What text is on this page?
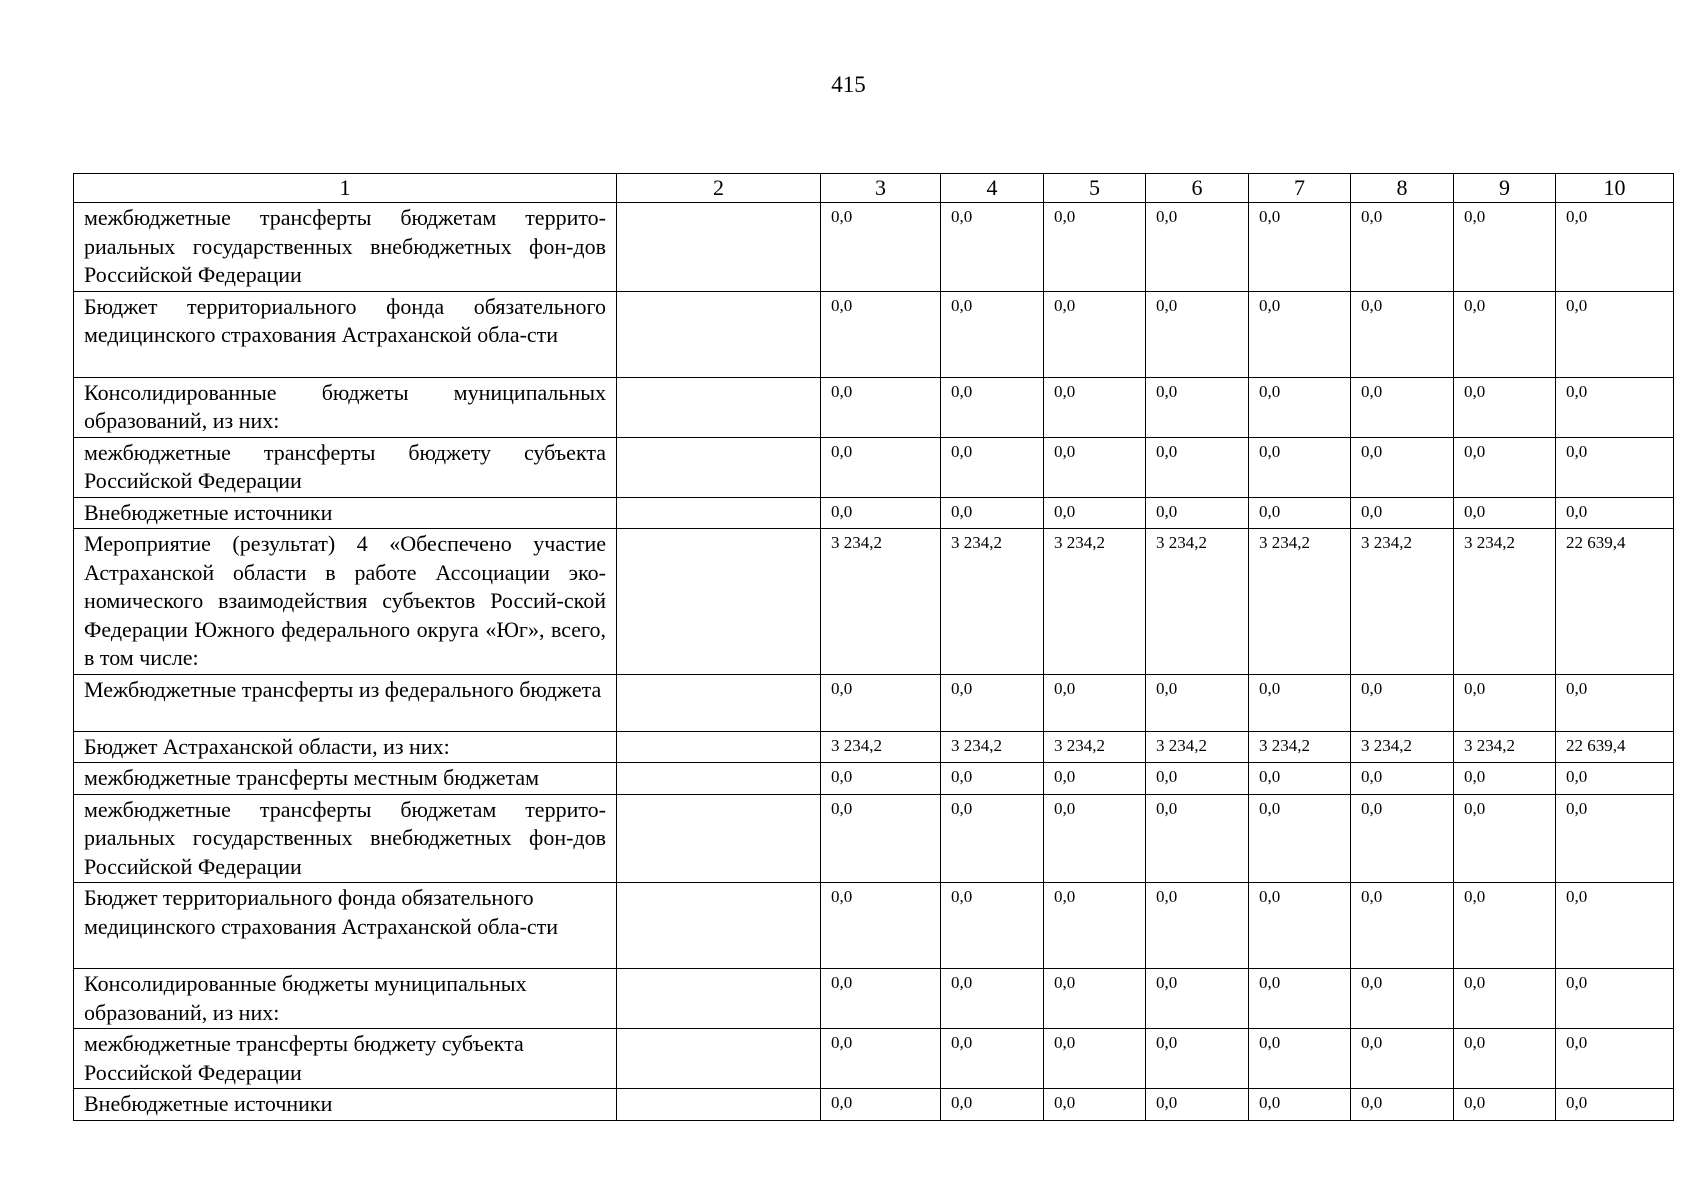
415
1	2	3	4	5	6	7	8	9	10
межбюджетные трансферты бюджетам террито-риальных государственных внебюджетных фон-дов Российской Федерации		0,0	0,0	0,0	0,0	0,0	0,0	0,0	0,0
Бюджет территориального фонда обязательного медицинского страхования Астраханской обла-сти		0,0	0,0	0,0	0,0	0,0	0,0	0,0	0,0
Консолидированные бюджеты муниципальных образований, из них:		0,0	0,0	0,0	0,0	0,0	0,0	0,0	0,0
межбюджетные трансферты бюджету субъекта Российской Федерации		0,0	0,0	0,0	0,0	0,0	0,0	0,0	0,0
Внебюджетные источники		0,0	0,0	0,0	0,0	0,0	0,0	0,0	0,0
Мероприятие (результат) 4 «Обеспечено участие Астраханской области в работе Ассоциации эко-номического взаимодействия субъектов Россий-ской Федерации Южного федерального округа «Юг», всего, в том числе:		3 234,2	3 234,2	3 234,2	3 234,2	3 234,2	3 234,2	3 234,2	22 639,4
Межбюджетные трансферты из федерального бюджета		0,0	0,0	0,0	0,0	0,0	0,0	0,0	0,0
Бюджет Астраханской области, из них:		3 234,2	3 234,2	3 234,2	3 234,2	3 234,2	3 234,2	3 234,2	22 639,4
межбюджетные трансферты местным бюджетам		0,0	0,0	0,0	0,0	0,0	0,0	0,0	0,0
межбюджетные трансферты бюджетам террито-риальных государственных внебюджетных фон-дов Российской Федерации		0,0	0,0	0,0	0,0	0,0	0,0	0,0	0,0
Бюджет территориального фонда обязательного медицинского страхования Астраханской обла-сти		0,0	0,0	0,0	0,0	0,0	0,0	0,0	0,0
Консолидированные бюджеты муниципальных образований, из них:		0,0	0,0	0,0	0,0	0,0	0,0	0,0	0,0
межбюджетные трансферты бюджету субъекта Российской Федерации		0,0	0,0	0,0	0,0	0,0	0,0	0,0	0,0
Внебюджетные источники		0,0	0,0	0,0	0,0	0,0	0,0	0,0	0,0
